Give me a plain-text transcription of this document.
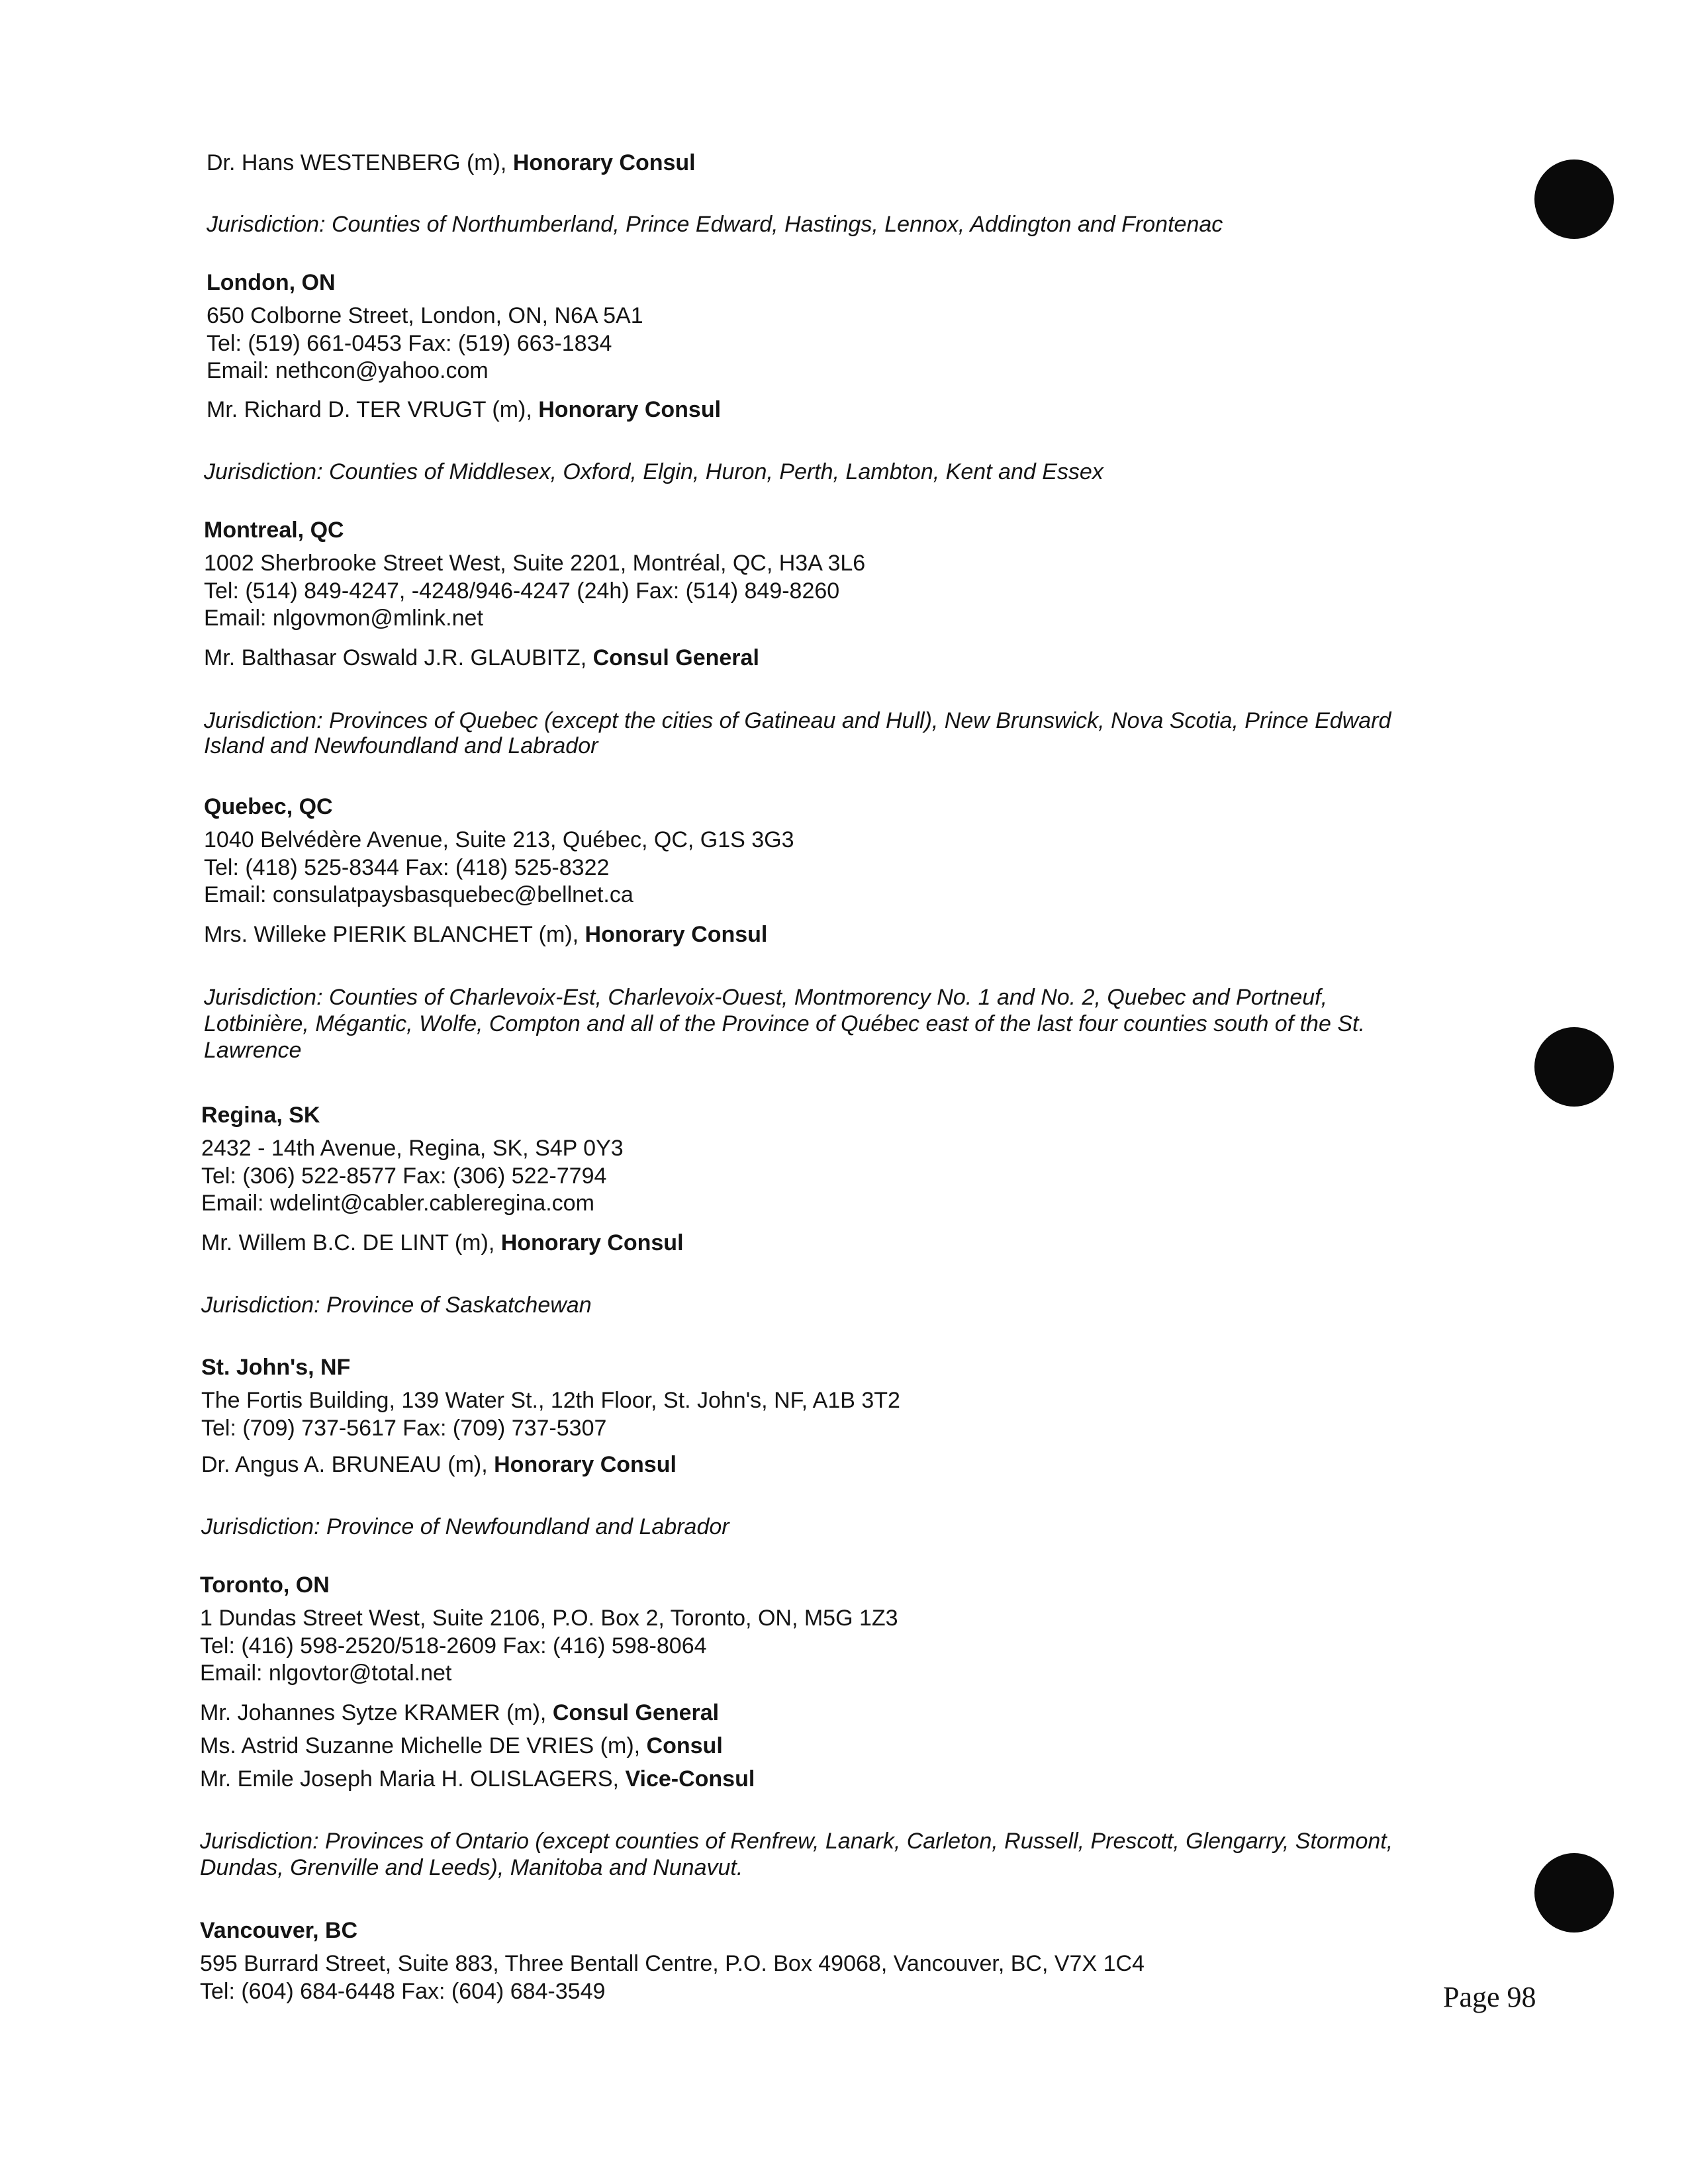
Dr. Hans WESTENBERG (m), Honorary Consul
Jurisdiction: Counties of Northumberland, Prince Edward, Hastings, Lennox, Addington and Frontenac
London, ON
650 Colborne Street, London, ON, N6A 5A1
Tel: (519) 661-0453 Fax: (519) 663-1834
Email: nethcon@yahoo.com
Mr. Richard D. TER VRUGT (m), Honorary Consul
Jurisdiction: Counties of Middlesex, Oxford, Elgin, Huron, Perth, Lambton, Kent and Essex
Montreal, QC
1002 Sherbrooke Street West, Suite 2201, Montréal, QC, H3A 3L6
Tel: (514) 849-4247, -4248/946-4247 (24h) Fax: (514) 849-8260
Email: nlgovmon@mlink.net
Mr. Balthasar Oswald J.R. GLAUBITZ, Consul General
Jurisdiction: Provinces of Quebec (except the cities of Gatineau and Hull), New Brunswick, Nova Scotia, Prince Edward
Island and Newfoundland and Labrador
Quebec, QC
1040 Belvédère Avenue, Suite 213, Québec, QC, G1S 3G3
Tel: (418) 525-8344 Fax: (418) 525-8322
Email: consulatpaysbasquebec@bellnet.ca
Mrs. Willeke PIERIK BLANCHET (m), Honorary Consul
Jurisdiction: Counties of Charlevoix-Est, Charlevoix-Ouest, Montmorency No. 1 and No. 2, Quebec and Portneuf,
Lotbinière, Mégantic, Wolfe, Compton and all of the Province of Québec east of the last four counties south of the St.
Lawrence
Regina, SK
2432 - 14th Avenue, Regina, SK, S4P 0Y3
Tel: (306) 522-8577 Fax: (306) 522-7794
Email: wdelint@cabler.cableregina.com
Mr. Willem B.C. DE LINT (m), Honorary Consul
Jurisdiction: Province of Saskatchewan
St. John's, NF
The Fortis Building, 139 Water St., 12th Floor, St. John's, NF, A1B 3T2
Tel: (709) 737-5617 Fax: (709) 737-5307
Dr. Angus A. BRUNEAU (m), Honorary Consul
Jurisdiction: Province of Newfoundland and Labrador
Toronto, ON
1 Dundas Street West, Suite 2106, P.O. Box 2, Toronto, ON, M5G 1Z3
Tel: (416) 598-2520/518-2609 Fax: (416) 598-8064
Email: nlgovtor@total.net
Mr. Johannes Sytze KRAMER (m), Consul General
Ms. Astrid Suzanne Michelle DE VRIES (m), Consul
Mr. Emile Joseph Maria H. OLISLAGERS, Vice-Consul
Jurisdiction: Provinces of Ontario (except counties of Renfrew, Lanark, Carleton, Russell, Prescott, Glengarry, Stormont,
Dundas, Grenville and Leeds), Manitoba and Nunavut.
Vancouver, BC
595 Burrard Street, Suite 883, Three Bentall Centre, P.O. Box 49068, Vancouver, BC, V7X 1C4
Tel: (604) 684-6448 Fax: (604) 684-3549	Page 98
